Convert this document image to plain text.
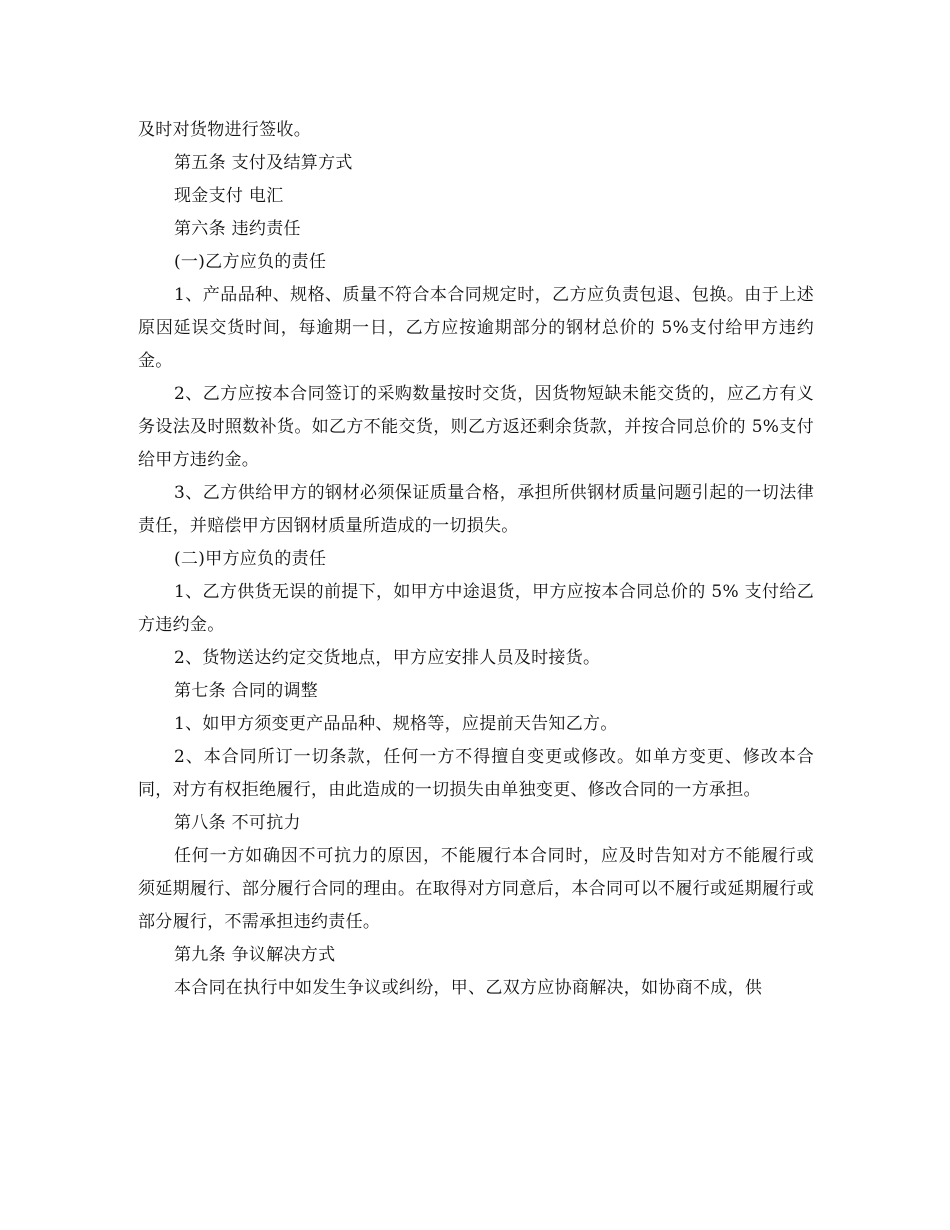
及时对货物进行签收。

第五条 支付及结算方式

现金支付 电汇

第六条 违约责任

(一)乙方应负的责任

1、产品品种、规格、质量不符合本合同规定时，乙方应负责包退、包换。由于上述原因延误交货时间，每逾期一日，乙方应按逾期部分的钢材总价的 5%支付给甲方违约金。

2、乙方应按本合同签订的采购数量按时交货，因货物短缺未能交货的，应乙方有义务设法及时照数补货。如乙方不能交货，则乙方返还剩余货款，并按合同总价的 5%支付给甲方违约金。

3、乙方供给甲方的钢材必须保证质量合格，承担所供钢材质量问题引起的一切法律责任，并赔偿甲方因钢材质量所造成的一切损失。

(二)甲方应负的责任

1、乙方供货无误的前提下，如甲方中途退货，甲方应按本合同总价的 5% 支付给乙方违约金。

2、货物送达约定交货地点，甲方应安排人员及时接货。

第七条 合同的调整

1、如甲方须变更产品品种、规格等，应提前天告知乙方。

2、本合同所订一切条款，任何一方不得擅自变更或修改。如单方变更、修改本合同，对方有权拒绝履行，由此造成的一切损失由单独变更、修改合同的一方承担。

第八条 不可抗力

任何一方如确因不可抗力的原因，不能履行本合同时，应及时告知对方不能履行或须延期履行、部分履行合同的理由。在取得对方同意后，本合同可以不履行或延期履行或部分履行，不需承担违约责任。

第九条 争议解决方式

本合同在执行中如发生争议或纠纷，甲、乙双方应协商解决，如协商不成，供
